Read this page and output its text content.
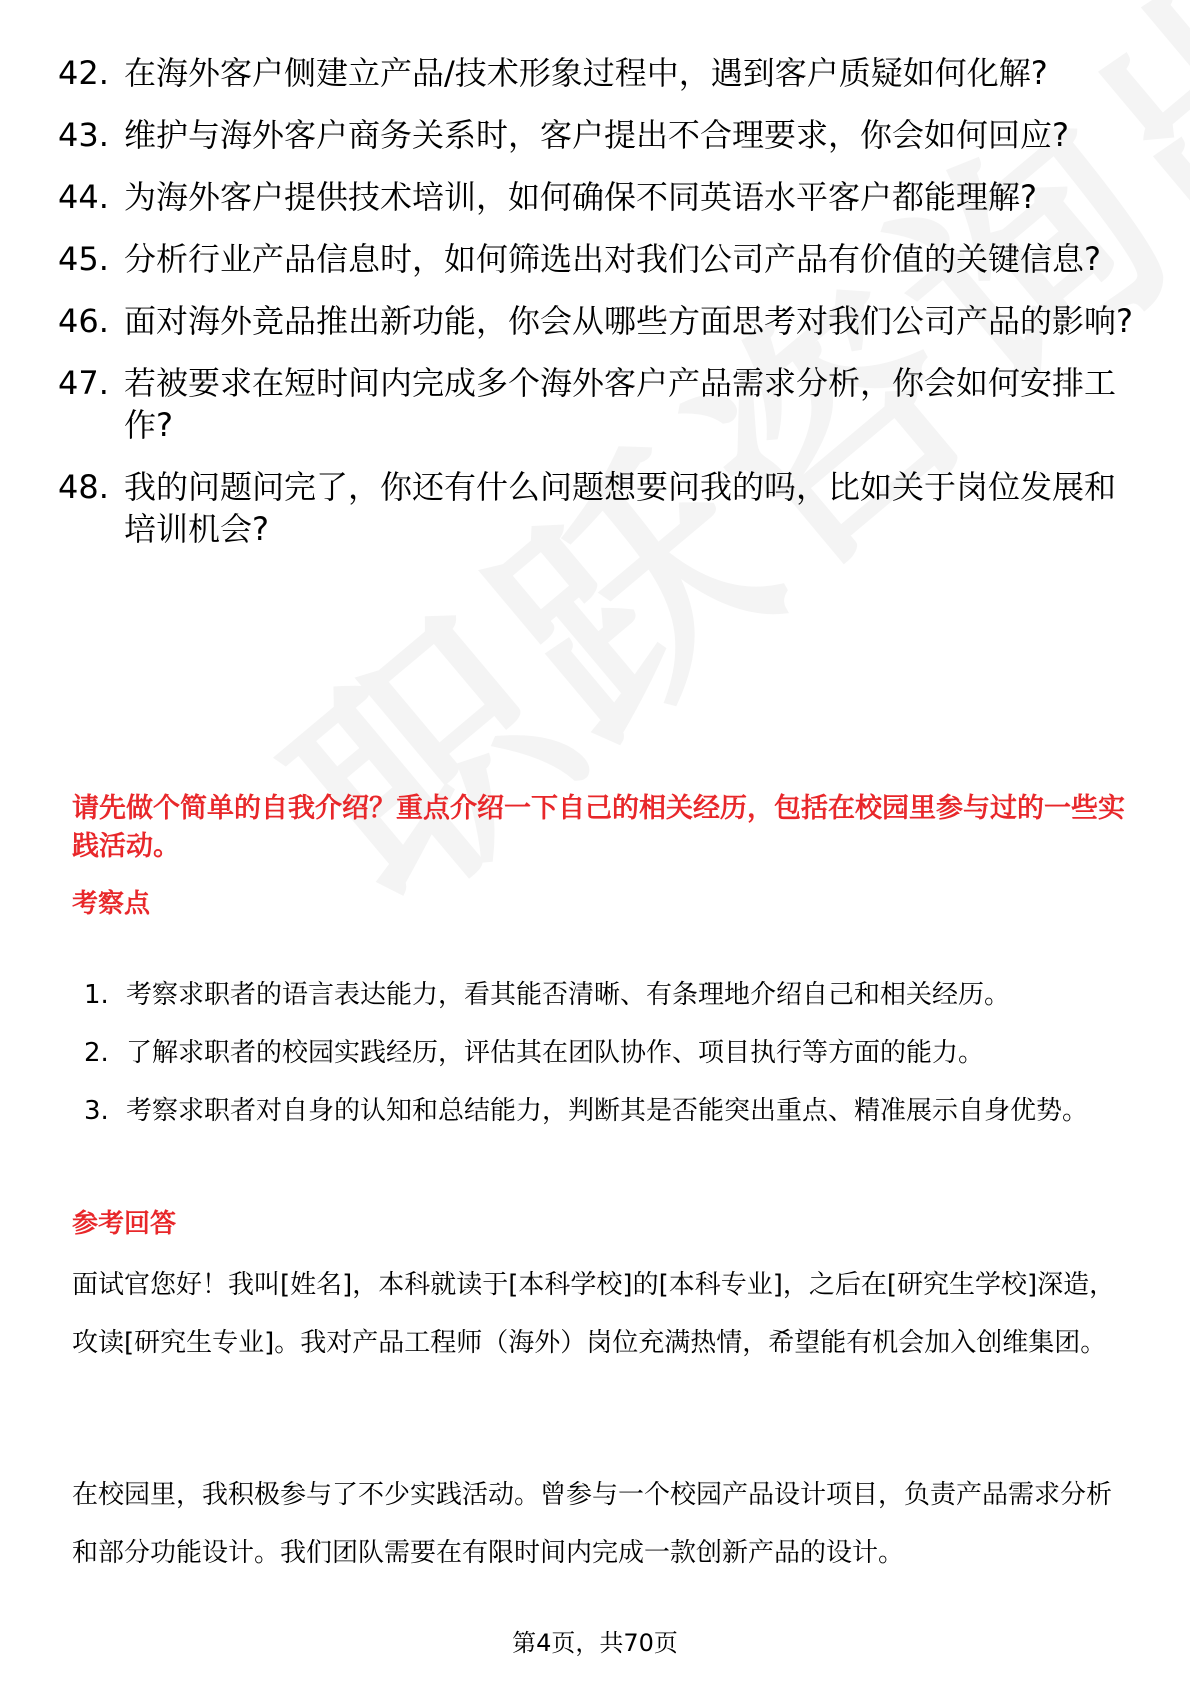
42. 在海外客户侧建立产品/技术形象过程中，遇到客户质疑如何化解?
43. 维护与海外客户商务关系时，客户提出不合理要求，你会如何回应?
44. 为海外客户提供技术培训，如何确保不同英语水平客户都能理解?
45. 分析行业产品信息时，如何筛选出对我们公司产品有价值的关键信息?
46. 面对海外竞品推出新功能，你会从哪些方面思考对我们公司产品的影响?
47. 若被要求在短时间内完成多个海外客户产品需求分析，你会如何安排工作?
48. 我的问题问完了，你还有什么问题想要问我的吗，比如关于岗位发展和培训机会?
请先做个简单的自我介绍？重点介绍一下自己的相关经历，包括在校园里参与过的一些实践活动。
考察点
1. 考察求职者的语言表达能力，看其能否清晰、有条理地介绍自己和相关经历。
2. 了解求职者的校园实践经历，评估其在团队协作、项目执行等方面的能力。
3. 考察求职者对自身的认知和总结能力，判断其是否能突出重点、精准展示自身优势。
参考回答
面试官您好！我叫[姓名]，本科就读于[本科学校]的[本科专业]，之后在[研究生学校]深造，攻读[研究生专业]。我对产品工程师（海外）岗位充满热情，希望能有机会加入创维集团。
在校园里，我积极参与了不少实践活动。曾参与一个校园产品设计项目，负责产品需求分析和部分功能设计。我们团队需要在有限时间内完成一款创新产品的设计。
第4页，共70页
